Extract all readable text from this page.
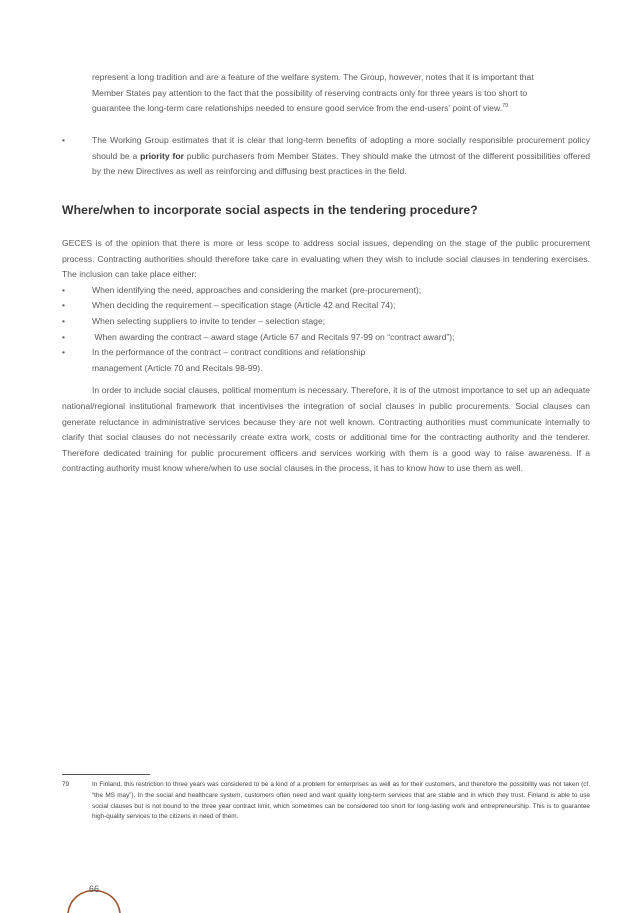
represent a long tradition and are a feature of the welfare system. The Group, however, notes that it is important that

Member States pay attention to the fact that the possibility of reserving contracts only for three years is too short to

guarantee the long-term care relationships needed to ensure good service from the end-users' point of view.$^{79}$

•	The Working Group estimates that it is clear that long-term benefits of adopting a more socially responsible procurement policy should be a priority for public purchasers from Member States. They should make the utmost of the different possibilities offered by the new Directives as well as reinforcing and diffusing best practices in the field.

Where/when to incorporate social aspects in the tendering procedure?

GECES is of the opinion that there is more or less scope to address social issues, depending on the stage of the public procurement process. Contracting authorities should therefore take care in evaluating when they wish to include social clauses in tendering exercises. The inclusion can take place either:

•	When identifying the need, approaches and considering the market (pre-procurement);
•	When deciding the requirement – specification stage (Article 42 and Recital 74);
•	When selecting suppliers to invite to tender – selection stage;
•	When awarding the contract – award stage (Article 67 and Recitals 97-99 on “contract award”);
•	In the performance of the contract – contract conditions and relationship management (Article 70 and Recitals 98-99).

In order to include social clauses, political momentum is necessary. Therefore, it is of the utmost importance to set up an adequate national/regional institutional framework that incentivises the integration of social clauses in public procurements. Social clauses can generate reluctance in administrative services because they are not well known. Contracting authorities must communicate internally to clarify that social clauses do not necessarily create extra work, costs or additional time for the contracting authority and the tenderer. Therefore dedicated training for public procurement officers and services working with them is a good way to raise awareness. If a contracting authority must know where/when to use social clauses in the process, it has to know how to use them as well.

79	In Finland, this restriction to three years was considered to be a kind of a problem for enterprises as well as for their customers, and therefore the possibility was not taken (cf. “the MS may”). In the social and healthcare system, customers often need and want quality long-term services that are stable and in which they trust. Finland is able to use social clauses but is not bound to the three year contract limit, which sometimes can be considered too short for long-lasting work and entrepreneurship. This is to guarantee high-quality services to the citizens in need of them.
66
